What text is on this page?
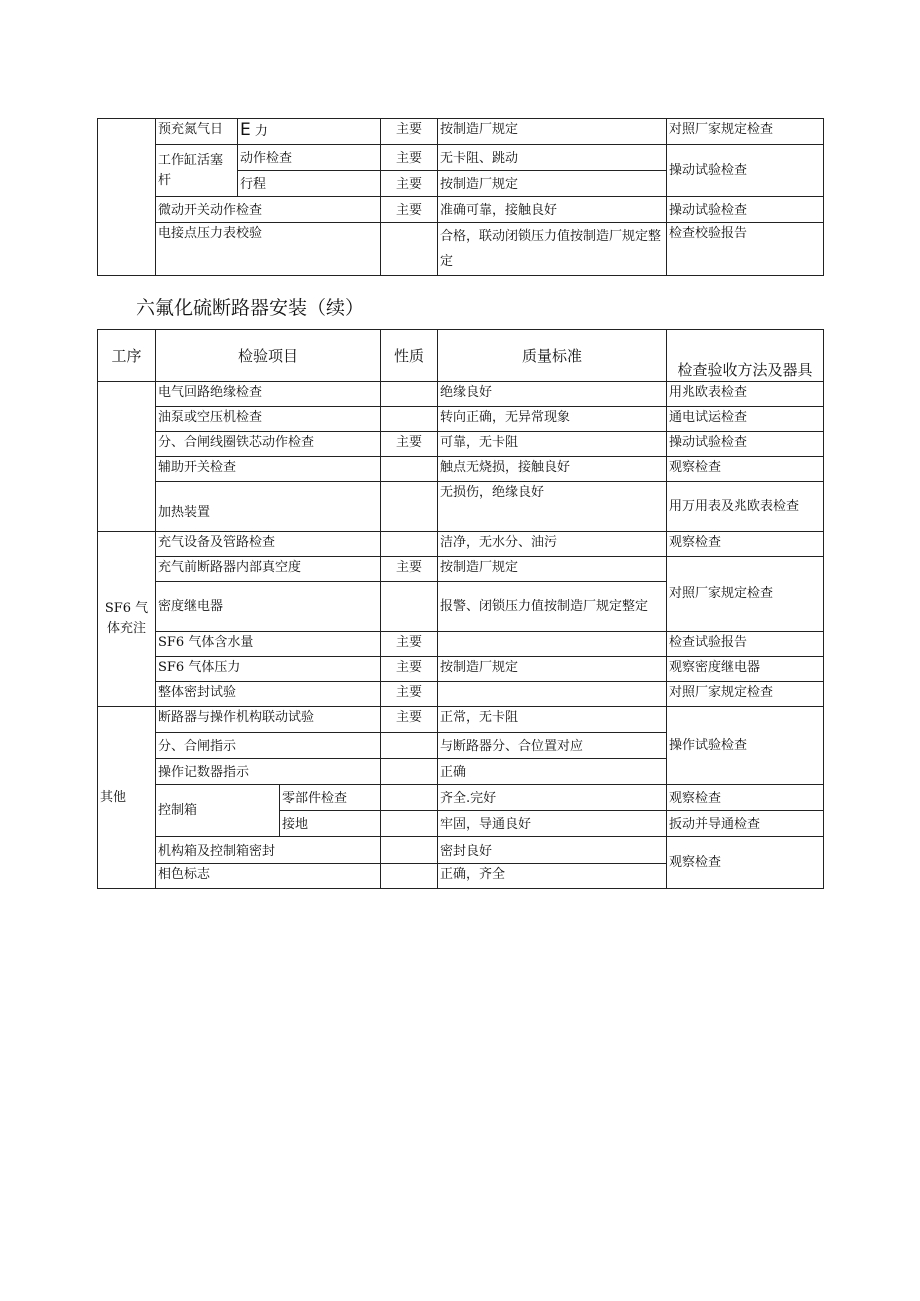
	预充氮气日	E 力	主要	按制造厂规定	对照厂家规定检查
	工作缸活塞杆	动作检查	主要	无卡阻、跳动	操动试验检查
		行程	主要	按制造厂规定	
	微动开关动作检查		主要	准确可靠，接触良好	操动试验检查
	电接点压力表校验			合格，联动闭锁压力值按制造厂规定整定	检查校验报告
六氟化硫断路器安装（续）
工序	检验项目		性质	质量标准	检查验收方法及器具
	电气回路绝缘检查			绝缘良好	用兆欧表检查
	油泵或空压机检查			转向正确，无异常现象	通电试运检查
	分、合闸线圈铁芯动作检查		主要	可靠，无卡阻	操动试验检查
	辅助开关检查			触点无烧损，接触良好	观察检查
	加热装置			无损伤，绝缘良好	用万用表及兆欧表检查
SF6 气体充注	充气设备及管路检查			洁净，无水分、油污	观察检查
	充气前断路器内部真空度		主要	按制造厂规定	对照厂家规定检查
	密度继电器			报警、闭锁压力值按制造厂规定整定	
	SF6 气体含水量		主要		检查试验报告
	SF6 气体压力		主要	按制造厂规定	观察密度继电器
	整体密封试验		主要		对照厂家规定检查
其他	断路器与操作机构联动试验		主要	正常，无卡阻	操作试验检查
	分、合闸指示			与断路器分、合位置对应	
	操作记数器指示			正确	
	控制箱	零部件检查		齐全.完好	观察检查
		接地		牢固，导通良好	扳动并导通检查
	机构箱及控制箱密封			密封良好	观察检查
	相色标志			正确，齐全	
